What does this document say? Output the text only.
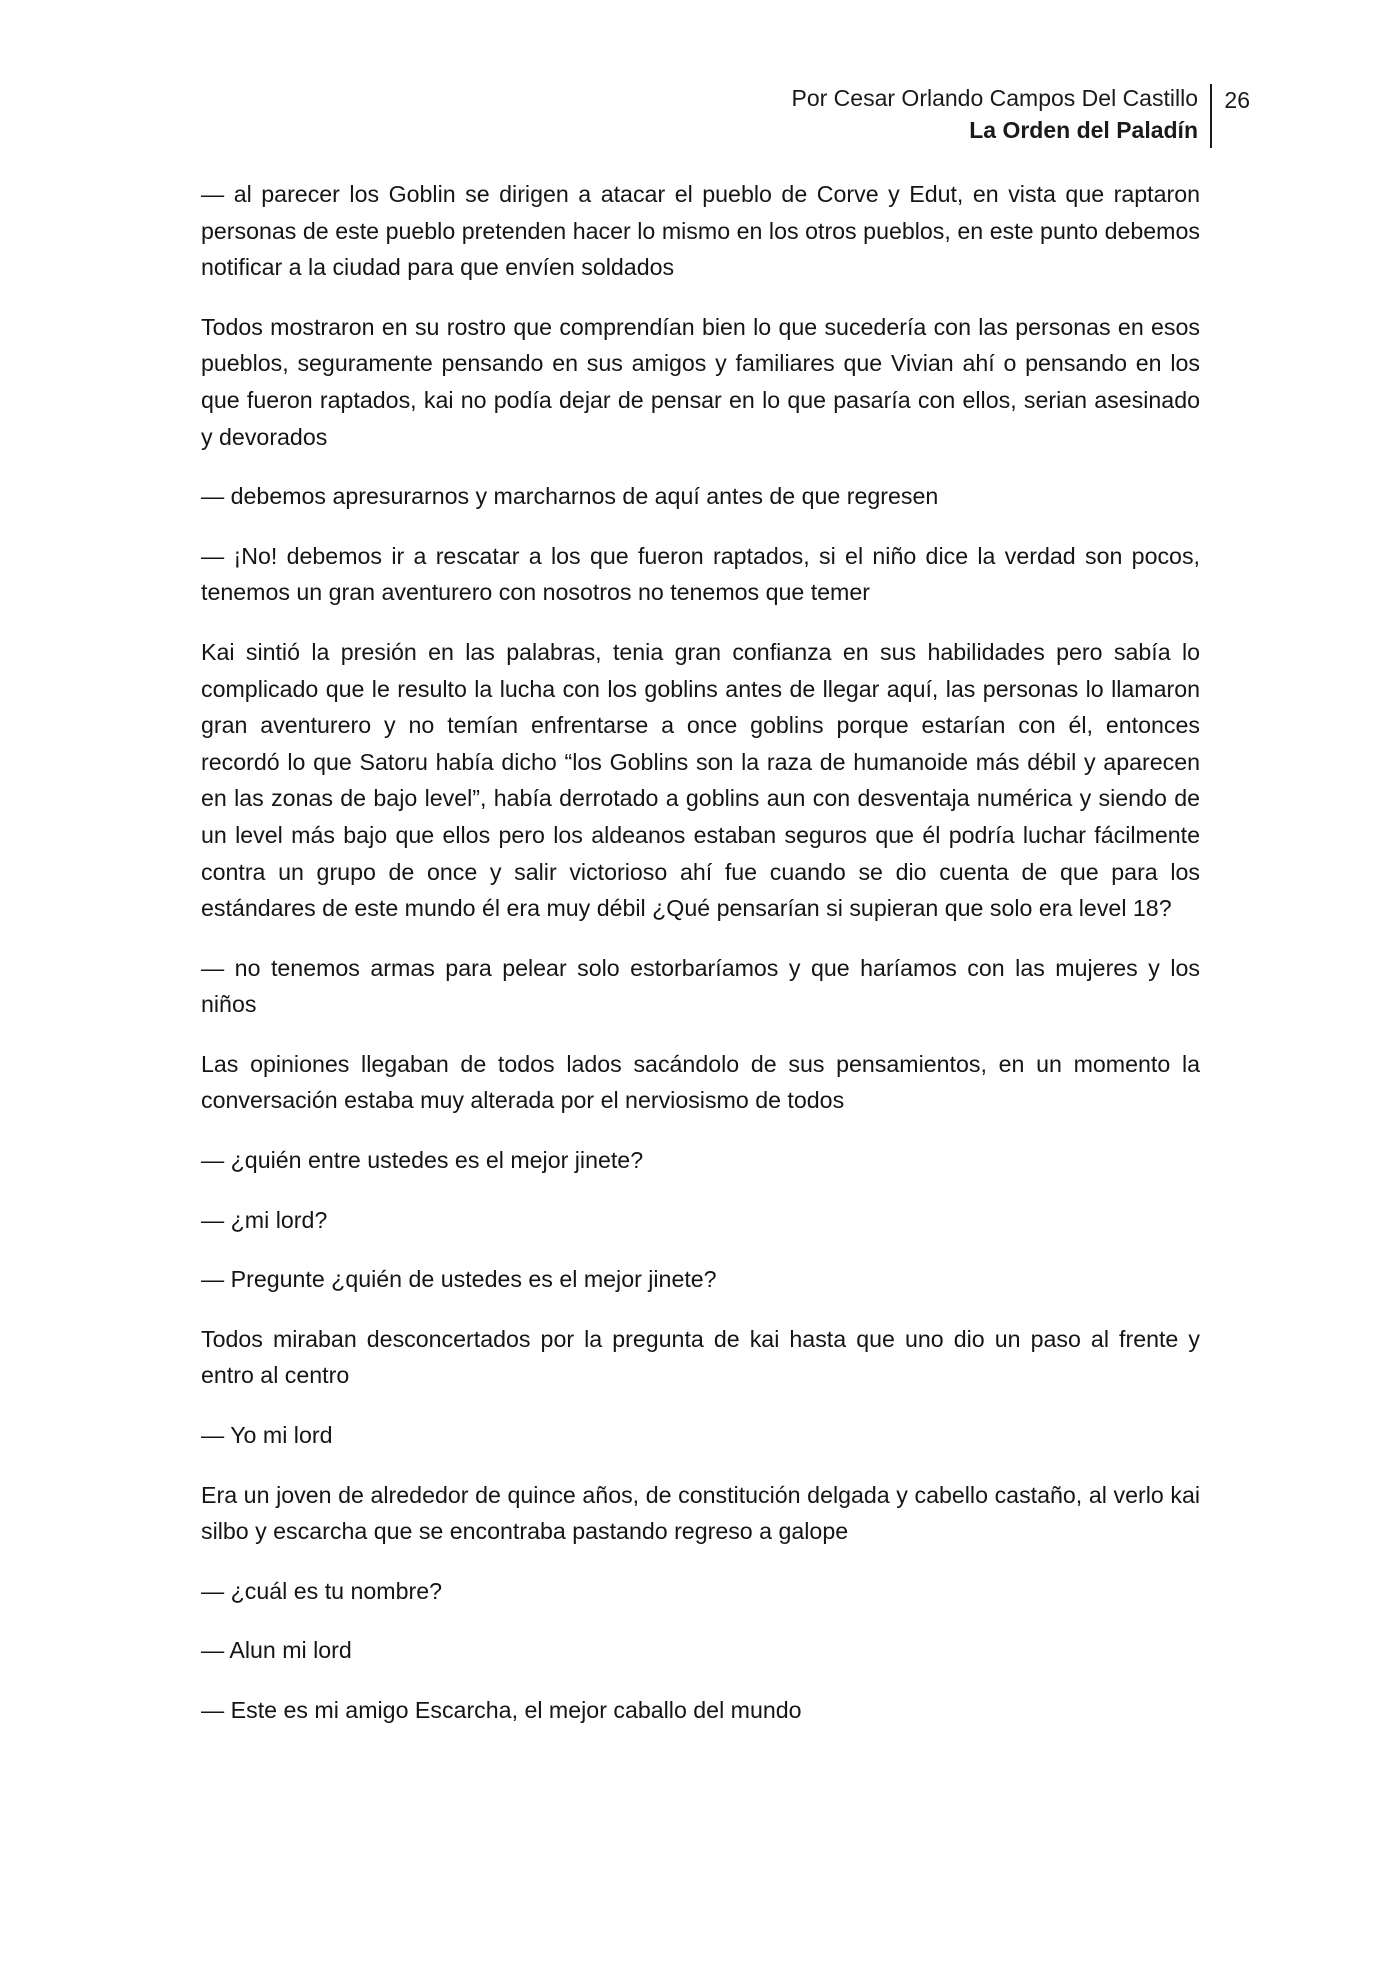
Por Cesar Orlando Campos Del Castillo
La Orden del Paladín
26

— al parecer los Goblin se dirigen a atacar el pueblo de Corve y Edut, en vista que raptaron personas de este pueblo pretenden hacer lo mismo en los otros pueblos, en este punto debemos notificar a la ciudad para que envíen soldados

Todos mostraron en su rostro que comprendían bien lo que sucedería con las personas en esos pueblos, seguramente pensando en sus amigos y familiares que Vivian ahí o pensando en los que fueron raptados, kai no podía dejar de pensar en lo que pasaría con ellos, serian asesinado y devorados

— debemos apresurarnos y marcharnos de aquí antes de que regresen

— ¡No! debemos ir a rescatar a los que fueron raptados, si el niño dice la verdad son pocos, tenemos un gran aventurero con nosotros no tenemos que temer

Kai sintió la presión en las palabras, tenia gran confianza en sus habilidades pero sabía lo complicado que le resulto la lucha con los goblins antes de llegar aquí, las personas lo llamaron gran aventurero y no temían enfrentarse a once goblins porque estarían con él, entonces recordó lo que Satoru había dicho “los Goblins son la raza de humanoide más débil y aparecen en las zonas de bajo level”, había derrotado a goblins aun con desventaja numérica y siendo de un level más bajo que ellos pero los aldeanos estaban seguros que él podría luchar fácilmente contra un grupo de once y salir victorioso ahí fue cuando se dio cuenta de que para los estándares de este mundo él era muy débil ¿Qué pensarían si supieran que solo era level 18?

— no tenemos armas para pelear solo estorbaríamos y que haríamos con las mujeres y los niños

Las opiniones llegaban de todos lados sacándolo de sus pensamientos, en un momento la conversación estaba muy alterada por el nerviosismo de todos

— ¿quién entre ustedes es el mejor jinete?

— ¿mi lord?

— Pregunte ¿quién de ustedes es el mejor jinete?

Todos miraban desconcertados por la pregunta de kai hasta que uno dio un paso al frente y entro al centro

— Yo mi lord

Era un joven de alrededor de quince años, de constitución delgada y cabello castaño, al verlo kai silbo y escarcha que se encontraba pastando regreso a galope

— ¿cuál es tu nombre?

— Alun mi lord

— Este es mi amigo Escarcha, el mejor caballo del mundo
